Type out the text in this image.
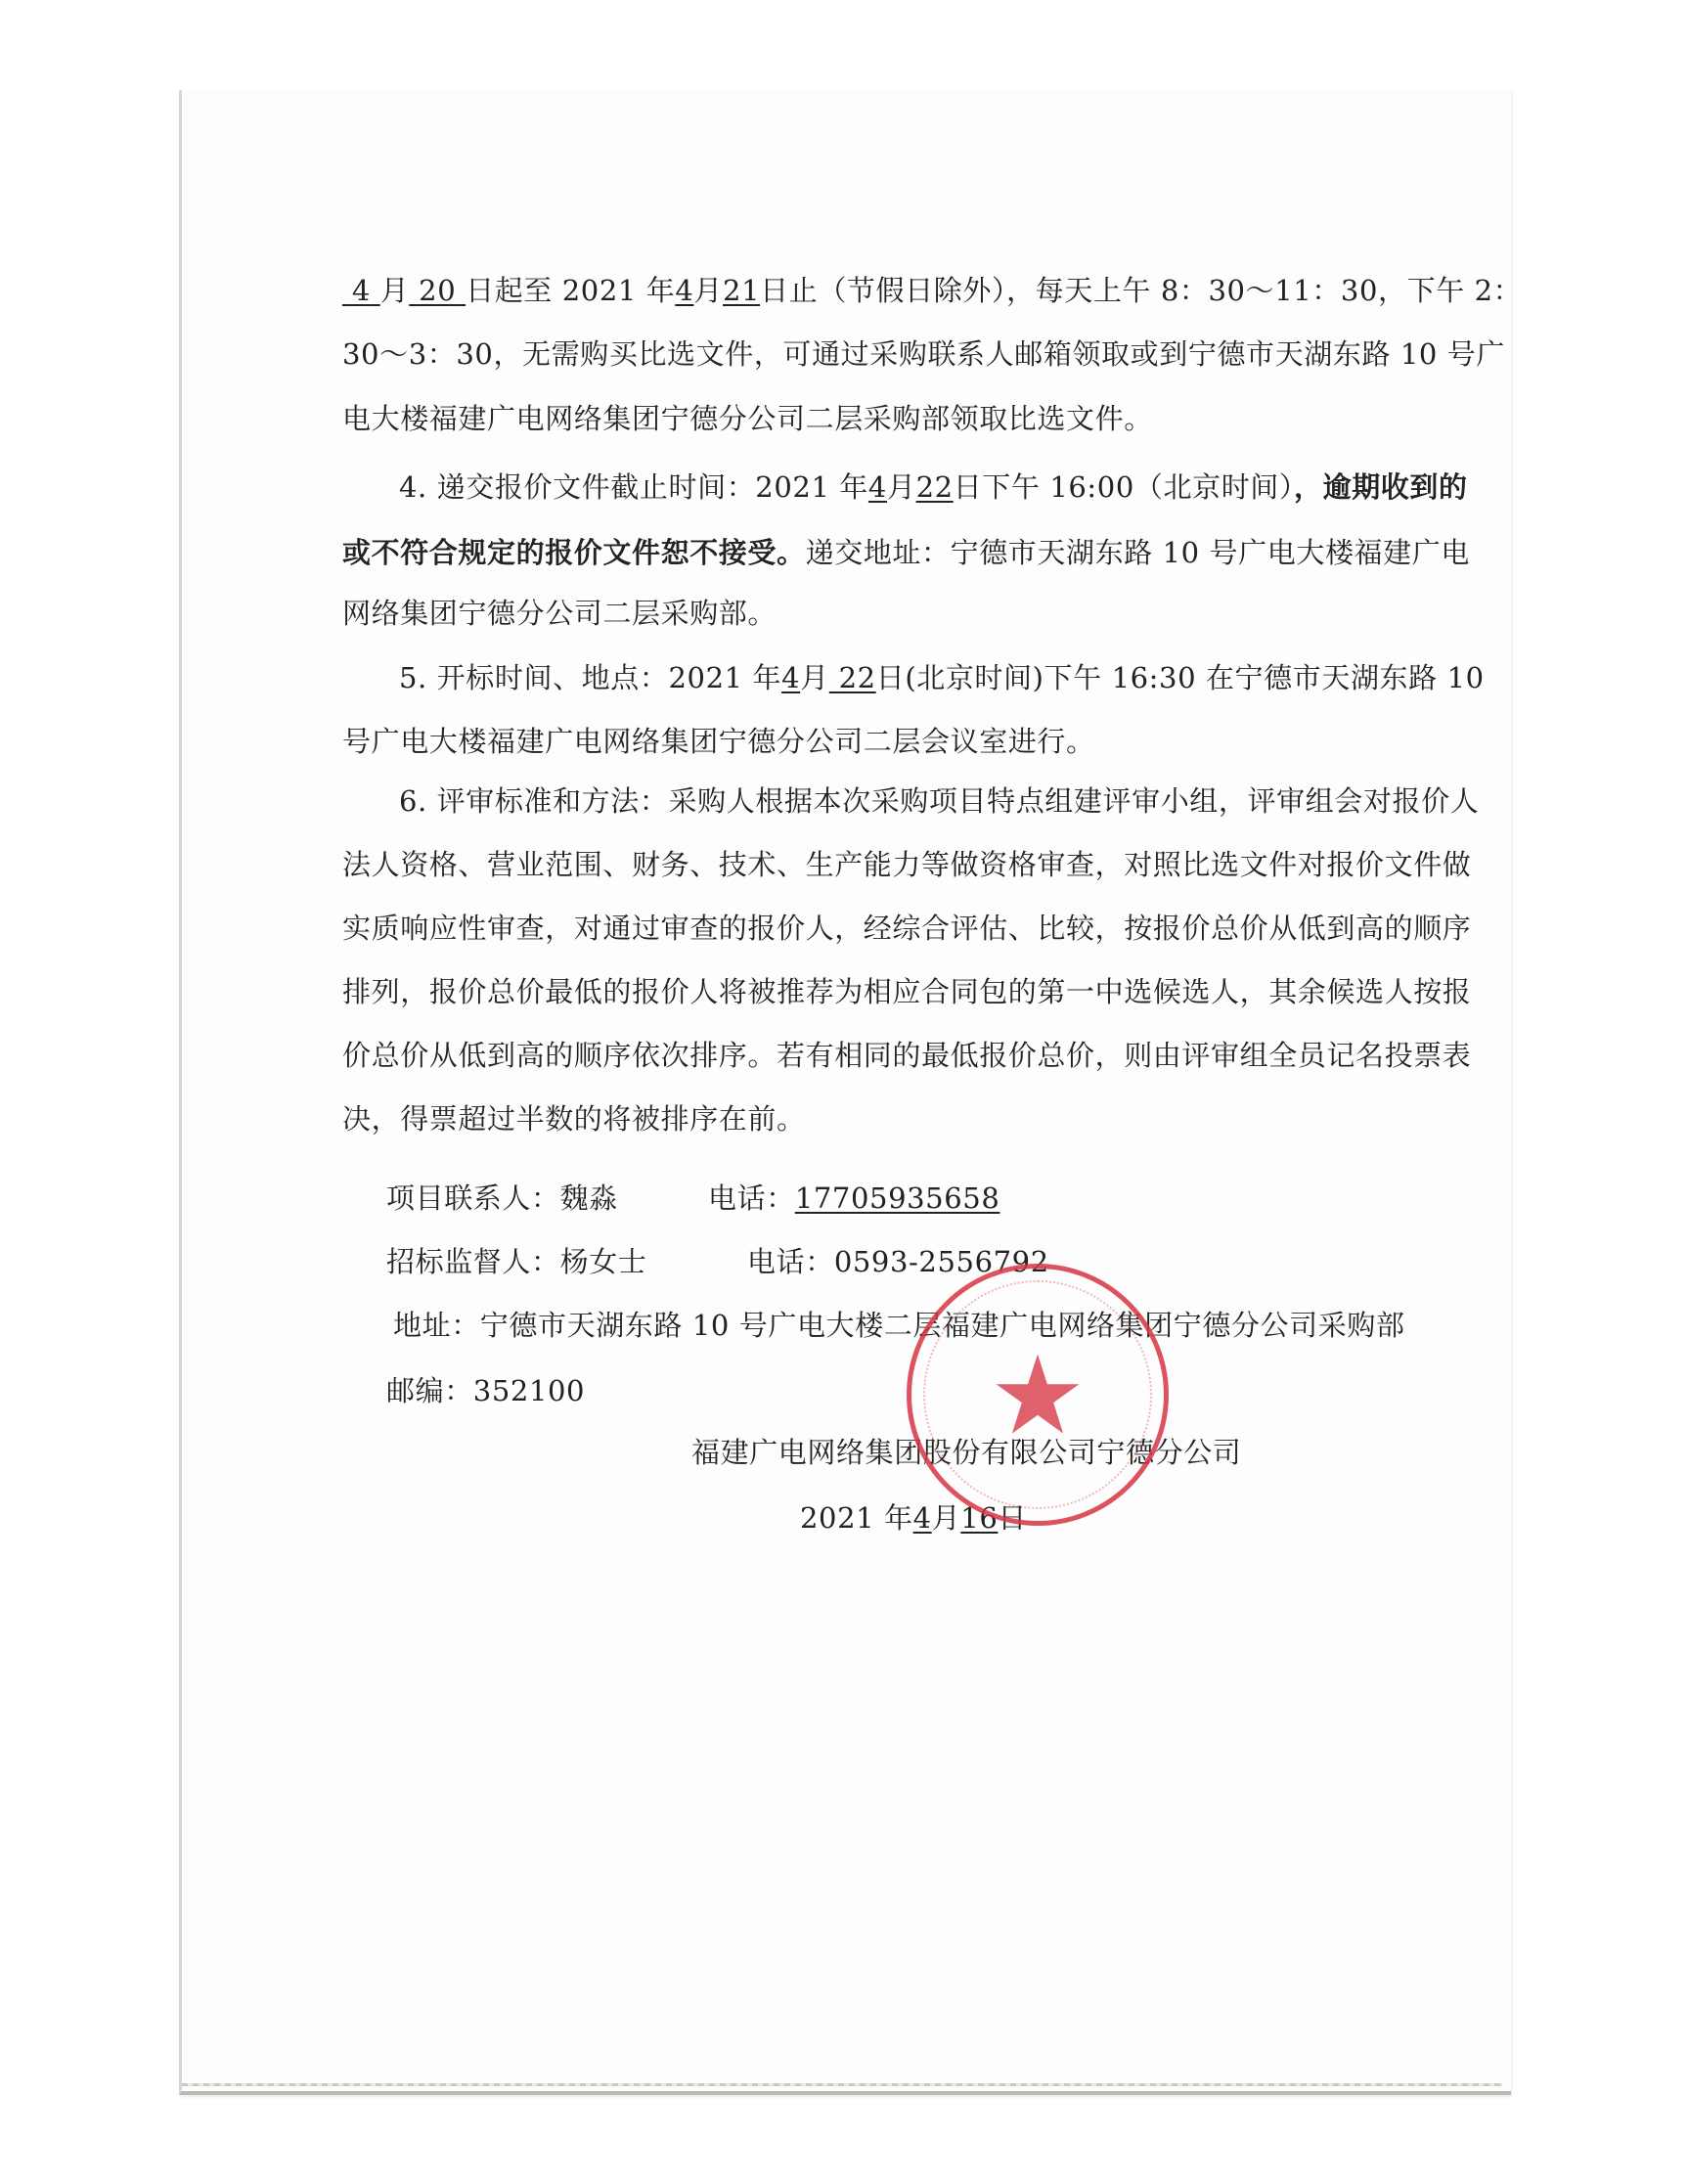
4 月 20 日起至 2021 年4月21日止（节假日除外），每天上午 8：30～11：30，下午 2：
30～3：30，无需购买比选文件，可通过采购联系人邮箱领取或到宁德市天湖东路 10 号广
电大楼福建广电网络集团宁德分公司二层采购部领取比选文件。
4. 递交报价文件截止时间：2021 年4月22日下午 16:00（北京时间），逾期收到的
或不符合规定的报价文件恕不接受。递交地址：宁德市天湖东路 10 号广电大楼福建广电
网络集团宁德分公司二层采购部。
5. 开标时间、地点：2021 年4月 22日(北京时间)下午 16:30 在宁德市天湖东路 10
号广电大楼福建广电网络集团宁德分公司二层会议室进行。
6. 评审标准和方法：采购人根据本次采购项目特点组建评审小组，评审组会对报价人
法人资格、营业范围、财务、技术、生产能力等做资格审查，对照比选文件对报价文件做
实质响应性审查，对通过审查的报价人，经综合评估、比较，按报价总价从低到高的顺序
排列，报价总价最低的报价人将被推荐为相应合同包的第一中选候选人，其余候选人按报
价总价从低到高的顺序依次排序。若有相同的最低报价总价，则由评审组全员记名投票表
决，得票超过半数的将被排序在前。
项目联系人：魏淼	电话：17705935658
招标监督人：杨女士	电话：0593-2556792
地址：宁德市天湖东路 10 号广电大楼二层福建广电网络集团宁德分公司采购部
邮编：352100
福建广电网络集团股份有限公司宁德分公司
2021 年4月16日
